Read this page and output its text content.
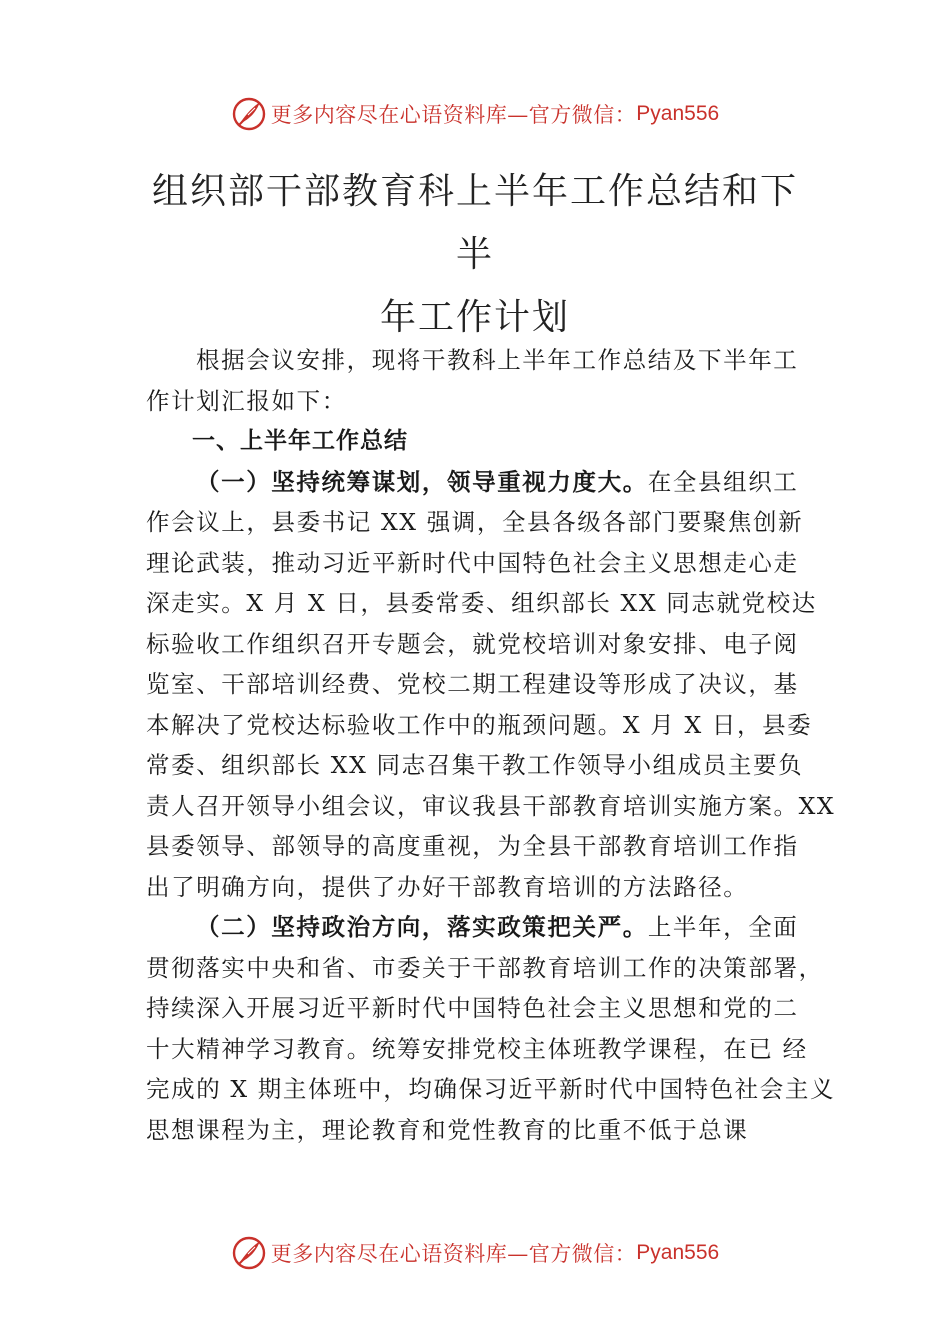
更多内容尽在心语资料库—官方微信： Pyan556
组织部干部教育科上半年工作总结和下半
年工作计划
根据会议安排，现将干教科上半年工作总结及下半年工
作计划汇报如下：
一、上半年工作总结
（一）坚持统筹谋划，领导重视力度大。在全县组织工
作会议上，县委书记 XX 强调，全县各级各部门要聚焦创新
理论武装，推动习近平新时代中国特色社会主义思想走心走
深走实。X 月 X 日，县委常委、组织部长 XX 同志就党校达
标验收工作组织召开专题会，就党校培训对象安排、电子阅
览室、干部培训经费、党校二期工程建设等形成了决议，基
本解决了党校达标验收工作中的瓶颈问题。X 月 X 日，县委
常委、组织部长 XX 同志召集干教工作领导小组成员主要负
责人召开领导小组会议，审议我县干部教育培训实施方案。XX
县委领导、部领导的高度重视，为全县干部教育培训工作指
出了明确方向，提供了办好干部教育培训的方法路径。
（二）坚持政治方向，落实政策把关严。上半年，全面
贯彻落实中央和省、市委关于干部教育培训工作的决策部署，
持续深入开展习近平新时代中国特色社会主义思想和党的二
十大精神学习教育。统筹安排党校主体班教学课程，在已 经
完成的 X 期主体班中，均确保习近平新时代中国特色社会主义
思想课程为主，理论教育和党性教育的比重不低于总课
更多内容尽在心语资料库—官方微信： Pyan556
